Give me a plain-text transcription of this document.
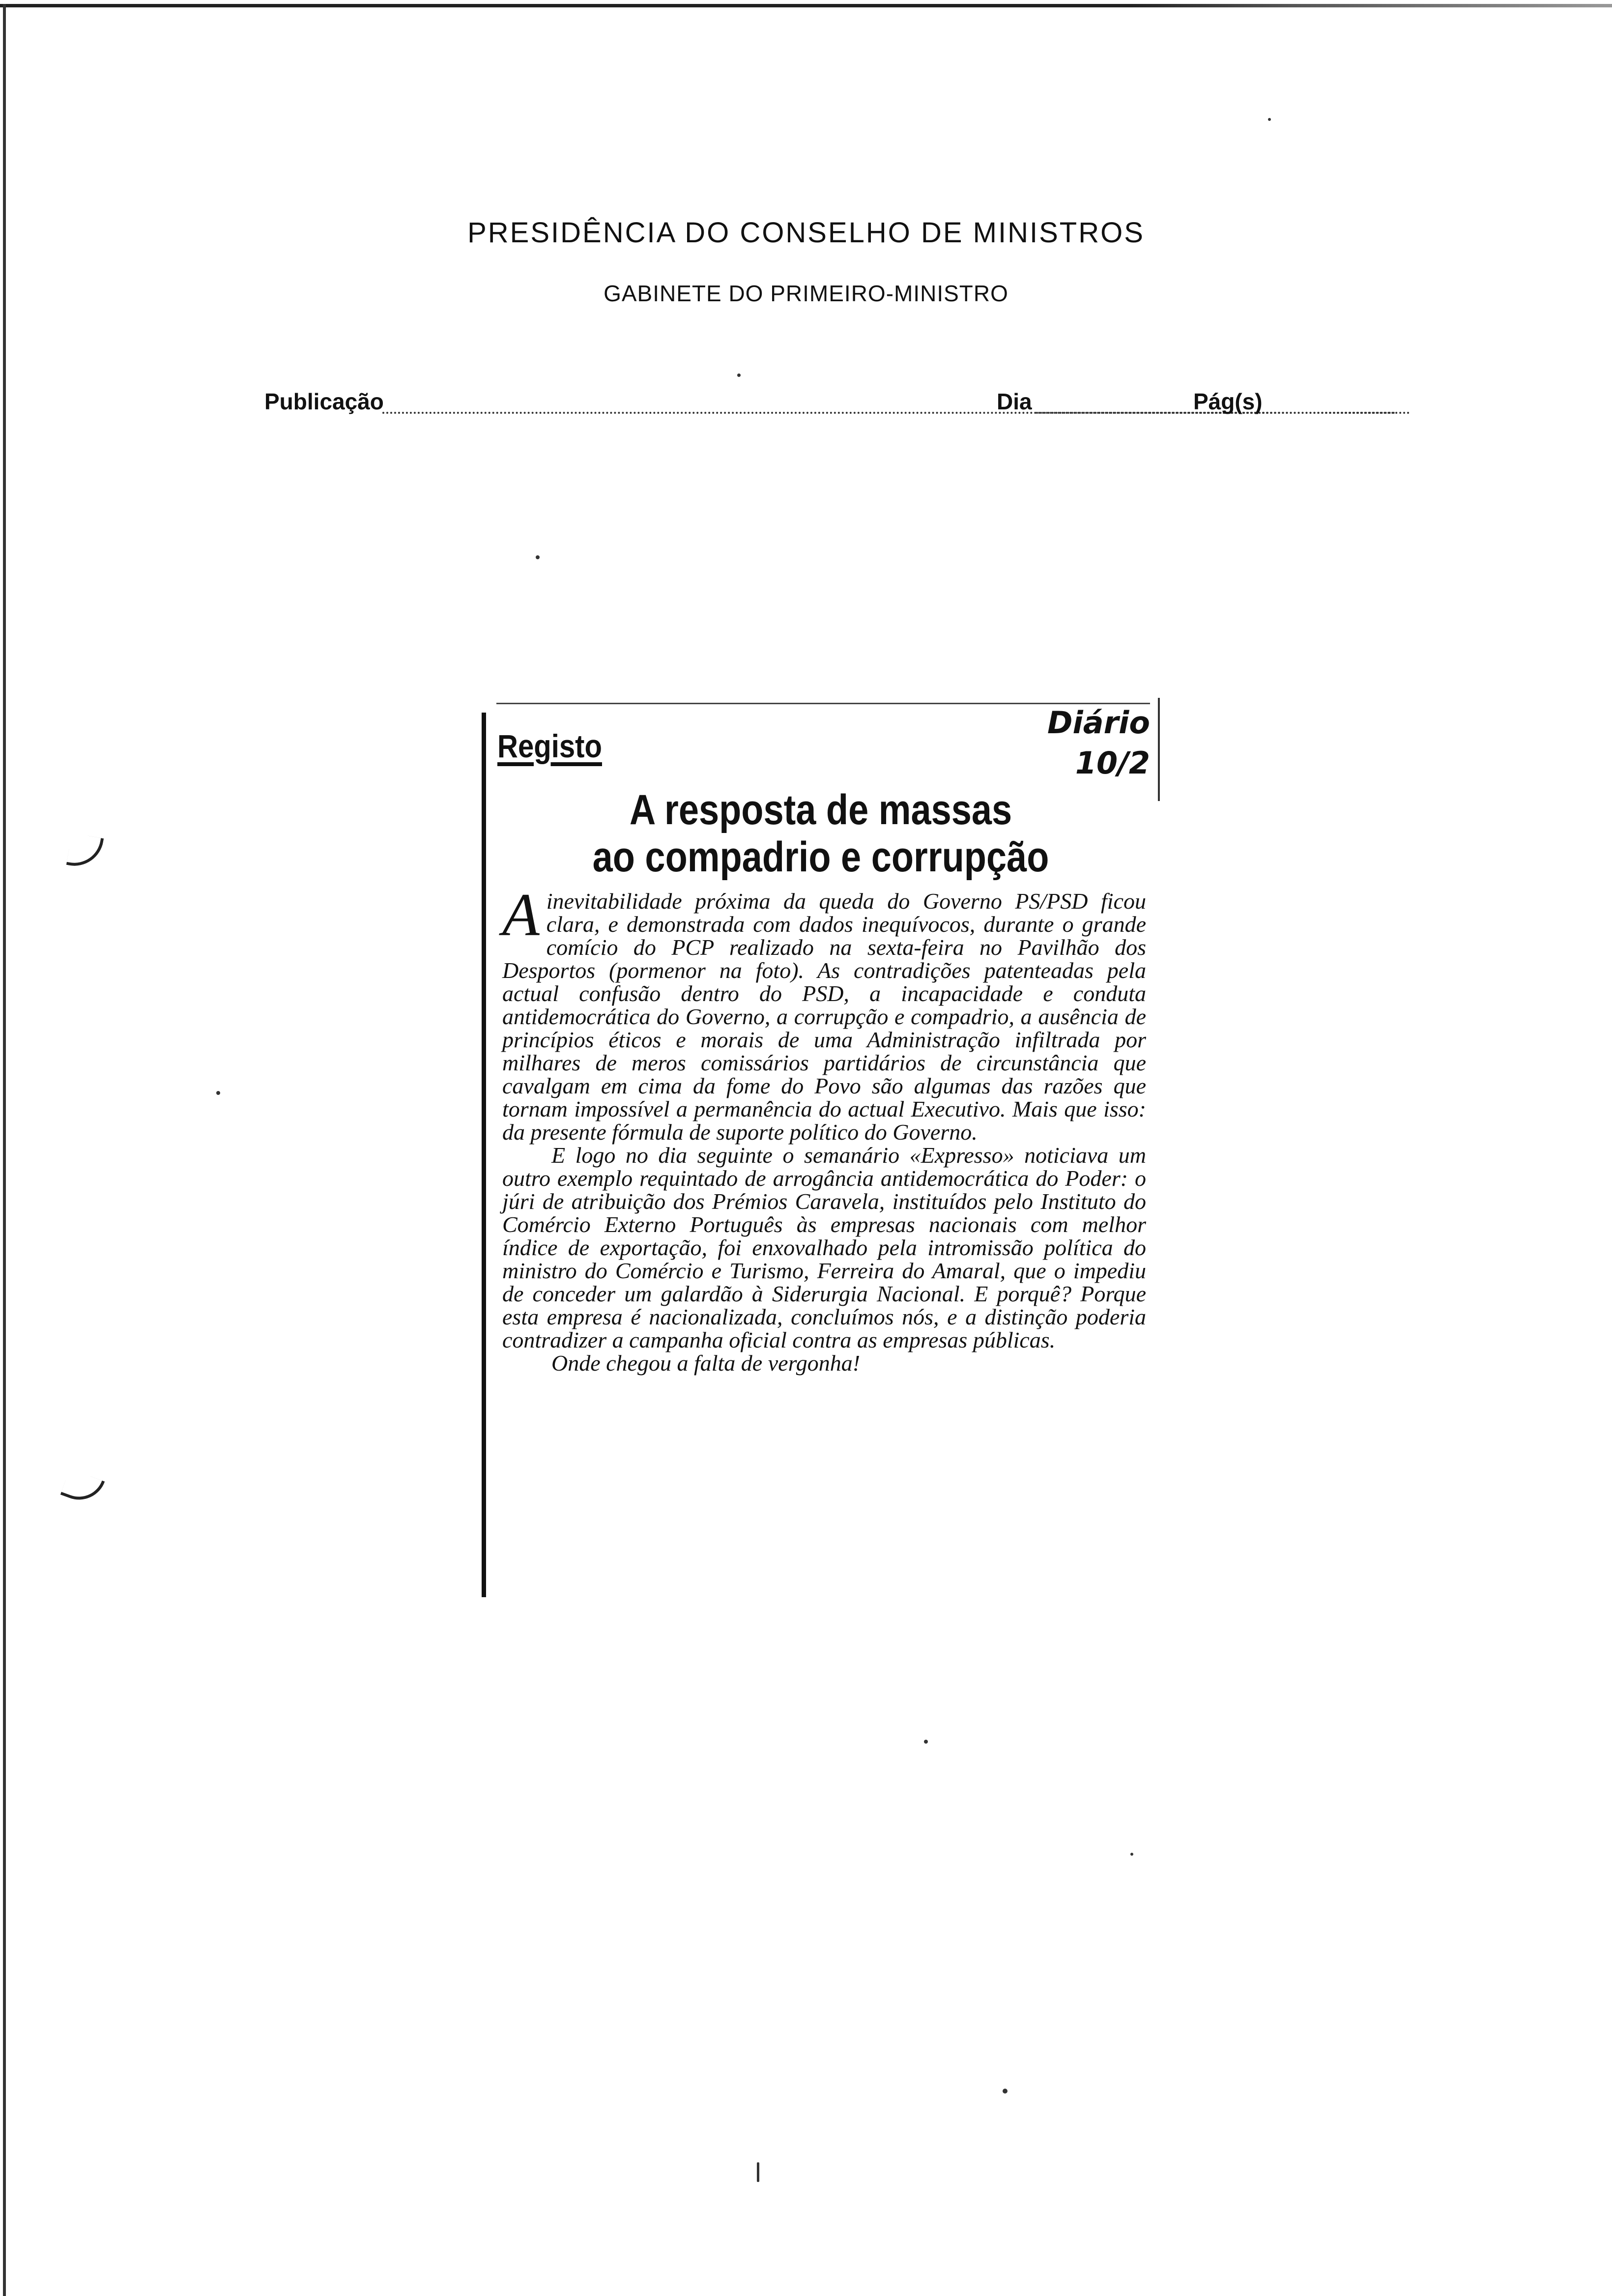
PRESIDÊNCIA DO CONSELHO DE MINISTROS
GABINETE DO PRIMEIRO-MINISTRO
Publicação	Dia	Pág(s)
Registo
Diário
10/2
A resposta de massas
ao compadrio e corrupção

Ainevitabilidade próxima da queda do Governo PS/PSD ficou clara, e demonstrada com dados inequívocos, durante o grande comício do PCP realizado na sexta-feira no Pavilhão dos Desportos (pormenor na foto). As contradições patenteadas pela actual confusão dentro do PSD, a incapacidade e conduta antidemocrática do Governo, a corrupção e compadrio, a ausência de princípios éticos e morais de uma Administração infiltrada por milhares de meros comissários partidários de circunstância que cavalgam em cima da fome do Povo são algumas das razões que tornam impossível a permanência do actual Executivo. Mais que isso: da presente fórmula de suporte político do Governo.

E logo no dia seguinte o semanário «Expresso» noticiava um outro exemplo requintado de arrogância antidemocrática do Poder: o júri de atribuição dos Prémios Caravela, instituídos pelo Instituto do Comércio Externo Português às empresas nacionais com melhor índice de exportação, foi enxovalhado pela intromissão política do ministro do Comércio e Turismo, Ferreira do Amaral, que o impediu de conceder um galardão à Siderurgia Nacional. E porquê? Porque esta empresa é nacionalizada, concluímos nós, e a distinção poderia contradizer a campanha oficial contra as empresas públicas.

Onde chegou a falta de vergonha!
